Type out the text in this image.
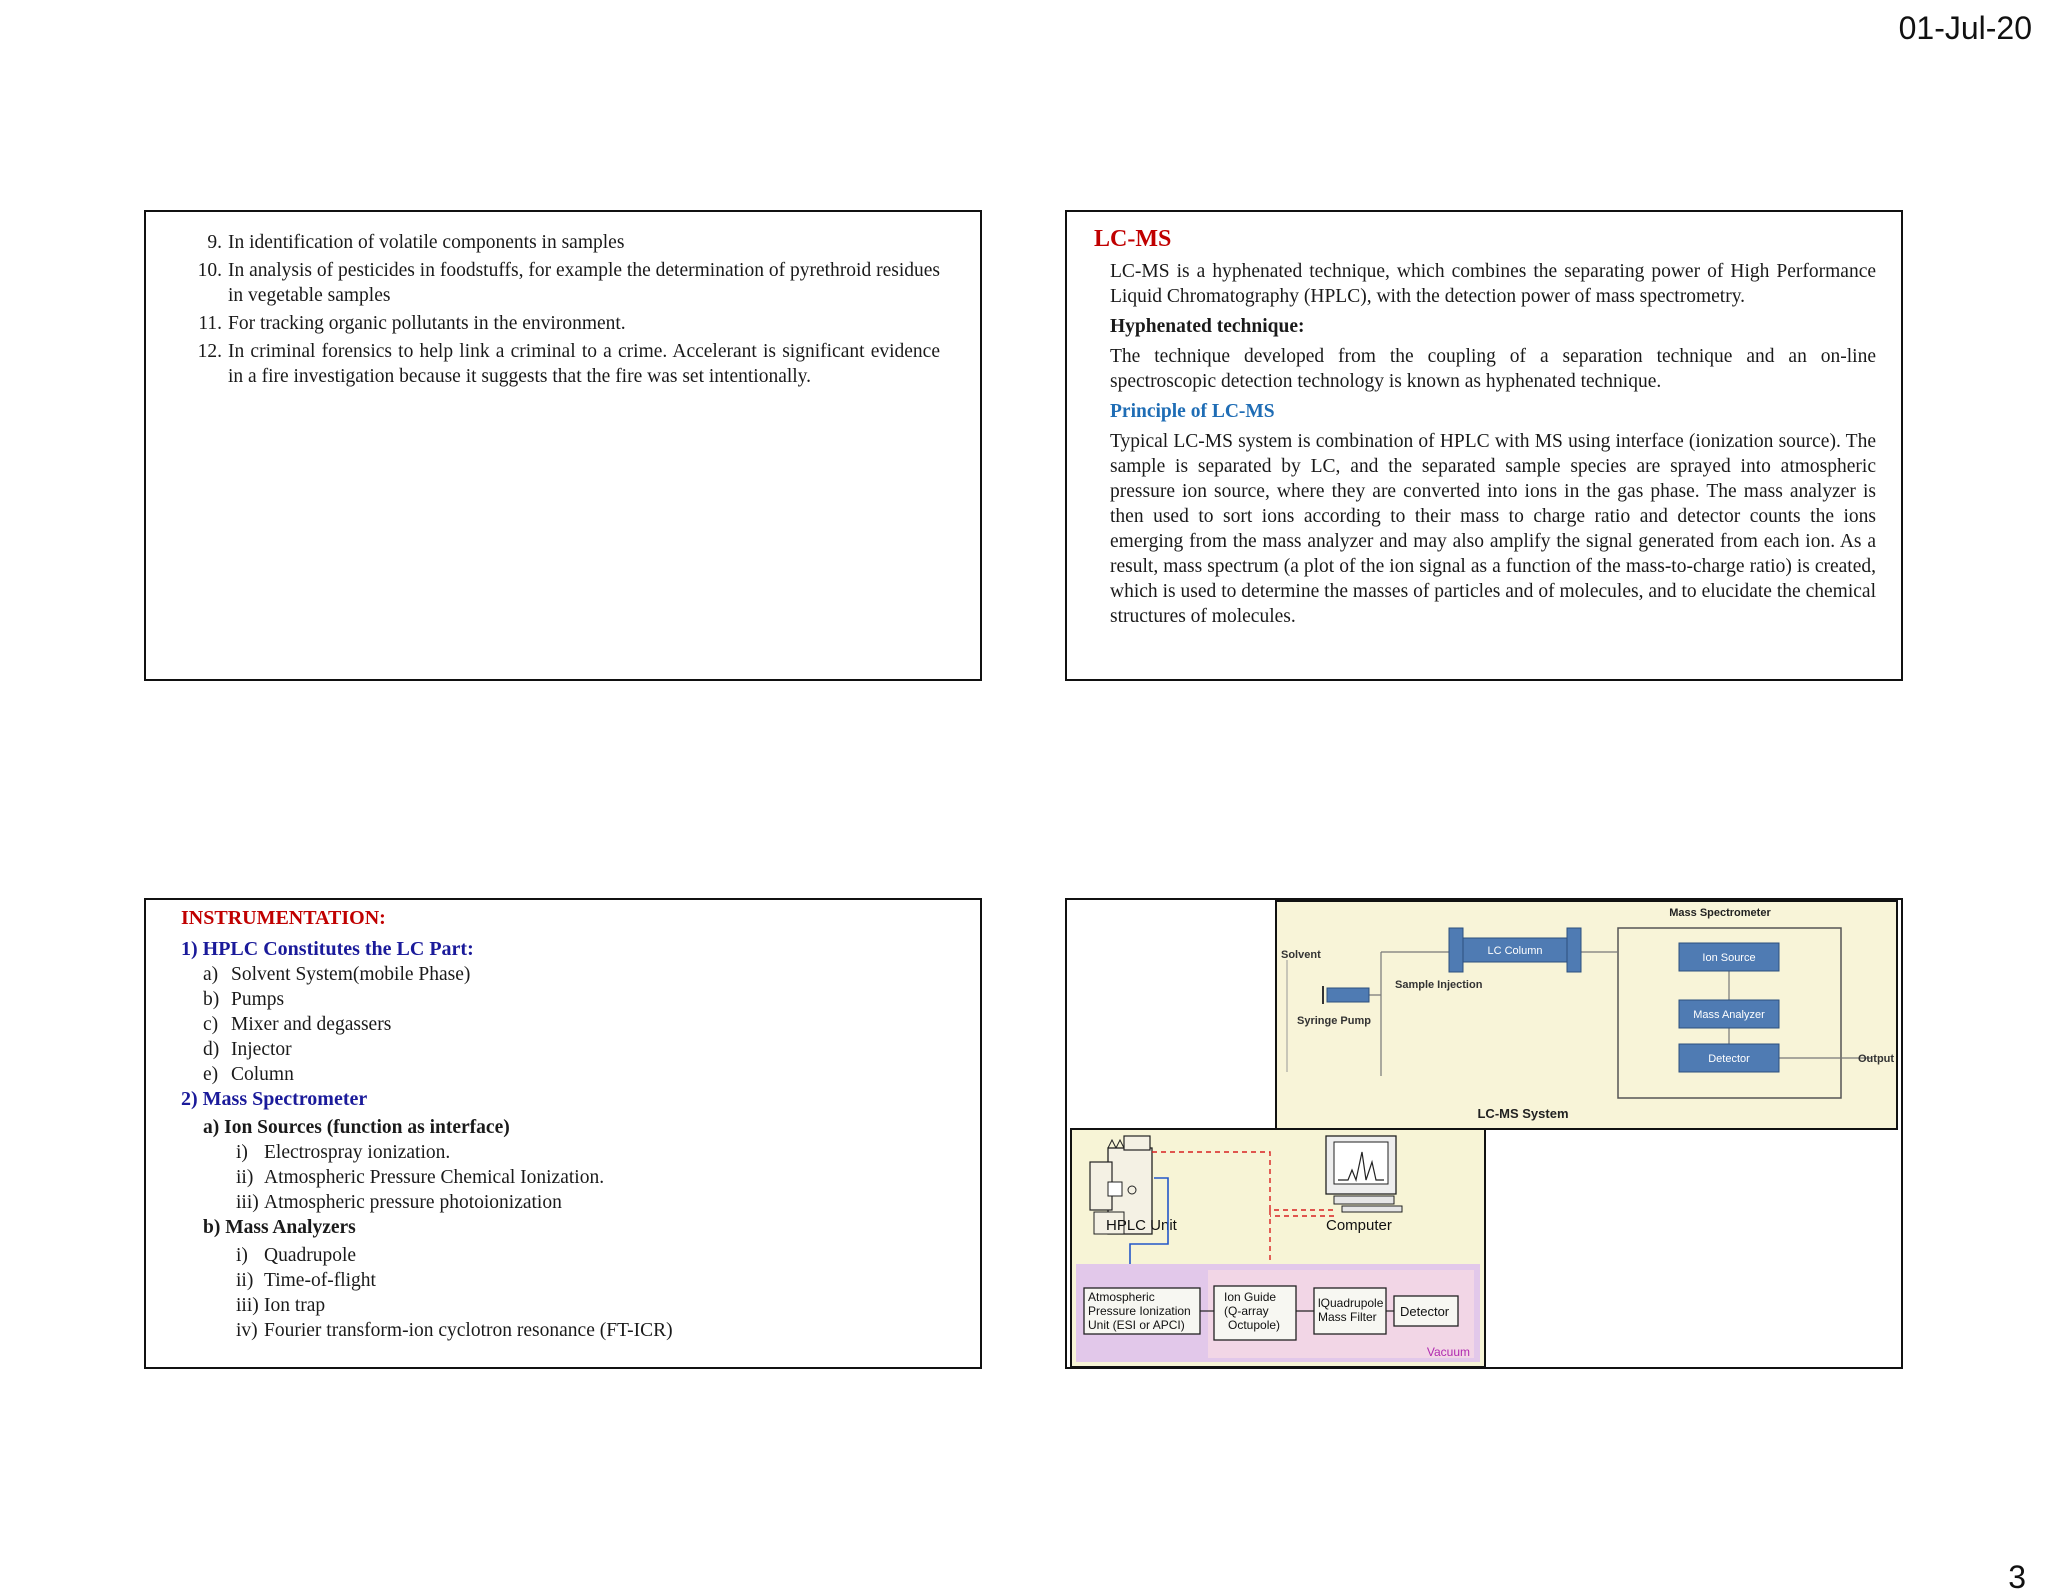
01-Jul-20
9. In identification of volatile components in samples
10. In analysis of pesticides in foodstuffs, for example the determination of pyrethroid residues in vegetable samples
11. For tracking organic pollutants in the environment.
12. In criminal forensics to help link a criminal to a crime. Accelerant is significant evidence in a fire investigation because it suggests that the fire was set intentionally.
LC-MS

LC-MS is a hyphenated technique, which combines the separating power of High Performance Liquid Chromatography (HPLC), with the detection power of mass spectrometry.

Hyphenated technique:

The technique developed from the coupling of a separation technique and an on-line spectroscopic detection technology is known as hyphenated technique.

Principle of LC-MS

Typical LC-MS system is combination of HPLC with MS using interface (ionization source). The sample is separated by LC, and the separated sample species are sprayed into atmospheric pressure ion source, where they are converted into ions in the gas phase. The mass analyzer is then used to sort ions according to their mass to charge ratio and detector counts the ions emerging from the mass analyzer and may also amplify the signal generated from each ion. As a result, mass spectrum (a plot of the ion signal as a function of the mass-to-charge ratio) is created, which is used to determine the masses of particles and of molecules, and to elucidate the chemical structures of molecules.

INSTRUMENTATION:
1) HPLC Constitutes the LC Part:
a) Solvent System(mobile Phase)
b) Pumps
c) Mixer and degassers
d) Injector
e) Column
2) Mass Spectrometer
a) Ion Sources (function as interface)
i) Electrospray ionization.
ii) Atmospheric Pressure Chemical Ionization.
iii) Atmospheric pressure photoionization
b) Mass Analyzers
i) Quadrupole
ii) Time-of-flight
iii) Ion trap
iv) Fourier transform-ion cyclotron resonance (FT-ICR)
Mass Spectrometer
LC Column
Solvent
Syringe Pump
Sample Injection
Ion Source
Mass Analyzer
Detector	Output
LC-MS System
HPLC Unit	Computer
Vacuum
Atmospheric
Pressure Ionization
Unit (ESI or APCI)
Ion Guide
(Q-array
Octupole)
lQuadrupole
Mass Filter Detector
3
